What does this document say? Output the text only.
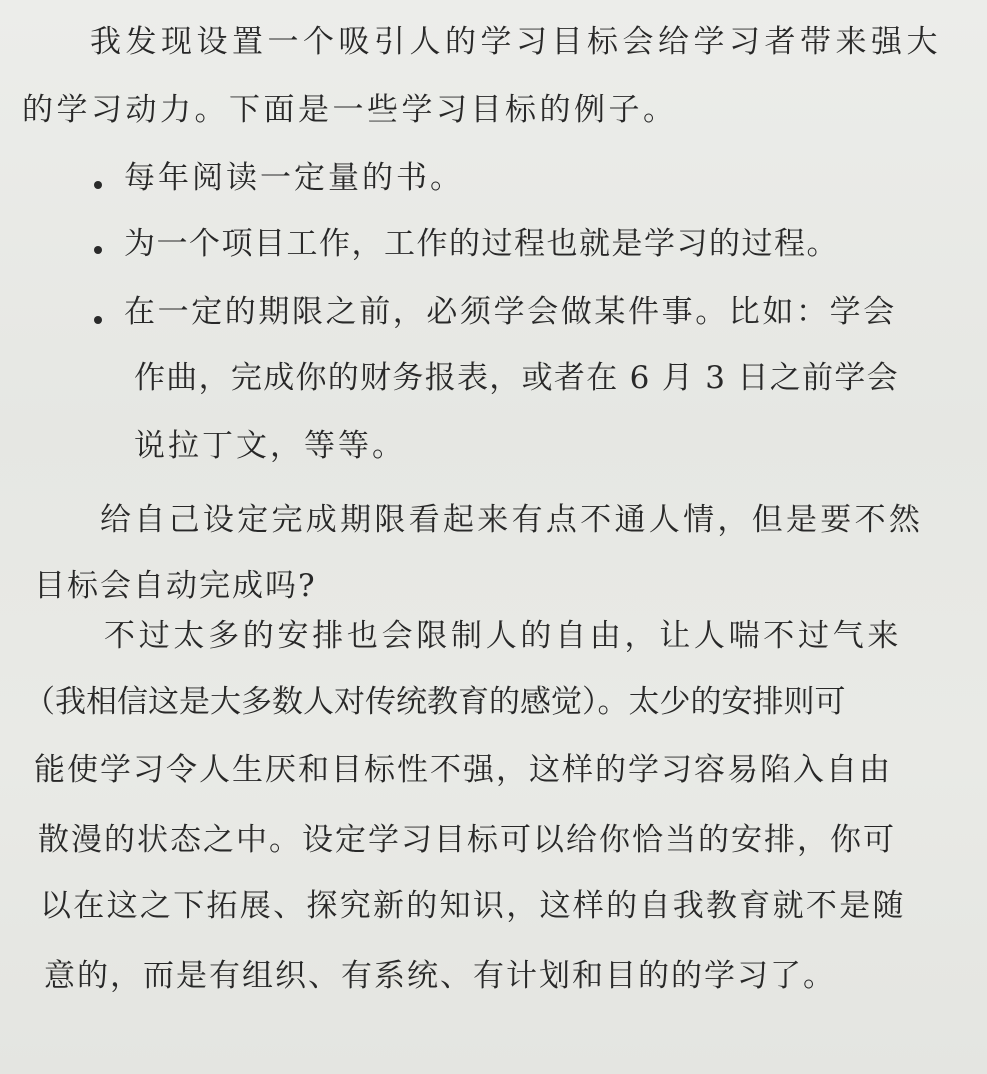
我发现设置一个吸引人的学习目标会给学习者带来强大
的学习动力。下面是一些学习目标的例子。
每年阅读一定量的书。
为一个项目工作，工作的过程也就是学习的过程。
在一定的期限之前，必须学会做某件事。比如：学会
作曲，完成你的财务报表，或者在 6 月 3 日之前学会
说拉丁文，等等。
给自己设定完成期限看起来有点不通人情，但是要不然
目标会自动完成吗?
不过太多的安排也会限制人的自由，让人喘不过气来
（我相信这是大多数人对传统教育的感觉）。太少的安排则可
能使学习令人生厌和目标性不强，这样的学习容易陷入自由
散漫的状态之中。设定学习目标可以给你恰当的安排，你可
以在这之下拓展、探究新的知识，这样的自我教育就不是随
意的，而是有组织、有系统、有计划和目的的学习了。
